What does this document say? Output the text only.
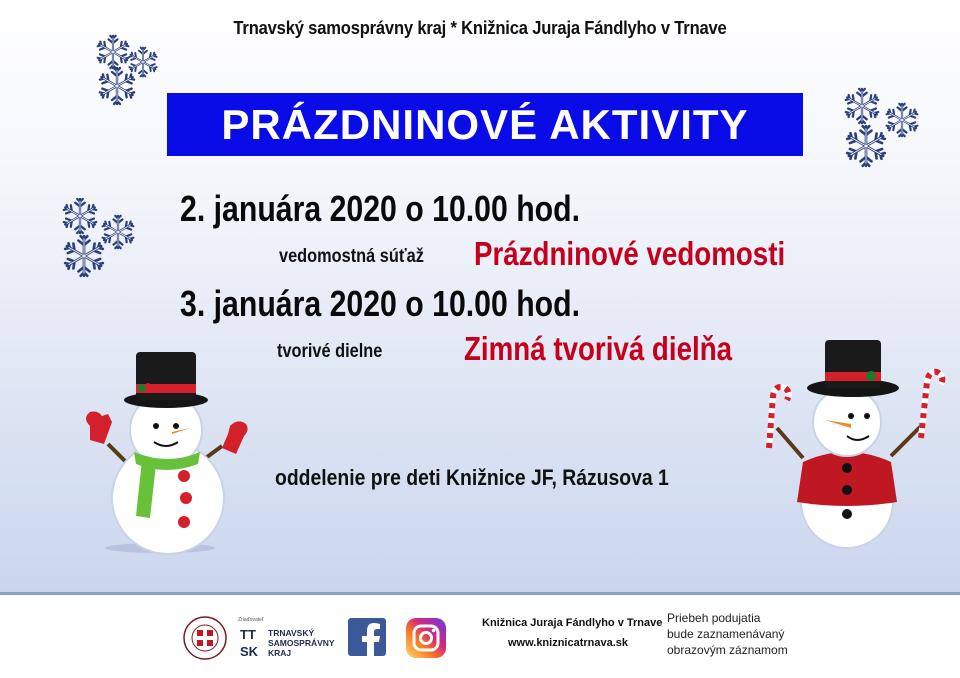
Trnavský samosprávny kraj * Knižnica Juraja Fándlyho v Trnave
PRÁZDNINOVÉ AKTIVITY
2. januára 2020 o 10.00 hod.
vedomostná súťaž Prázdninové vedomosti
3. januára 2020 o 10.00 hod.
tvorivé dielne Zimná tvorivá dielňa
oddelenie pre deti Knižnice JF, Rázusova 1
Zriaďovateľ
TT
SK
TRNAVSKÝ
SAMOSPRÁVNY
KRAJ
Knižnica Juraja Fándlyho v Trnave
www.kniznicatrnava.sk
Priebeh podujatia
bude zaznamenávaný
obrazovým záznamom
